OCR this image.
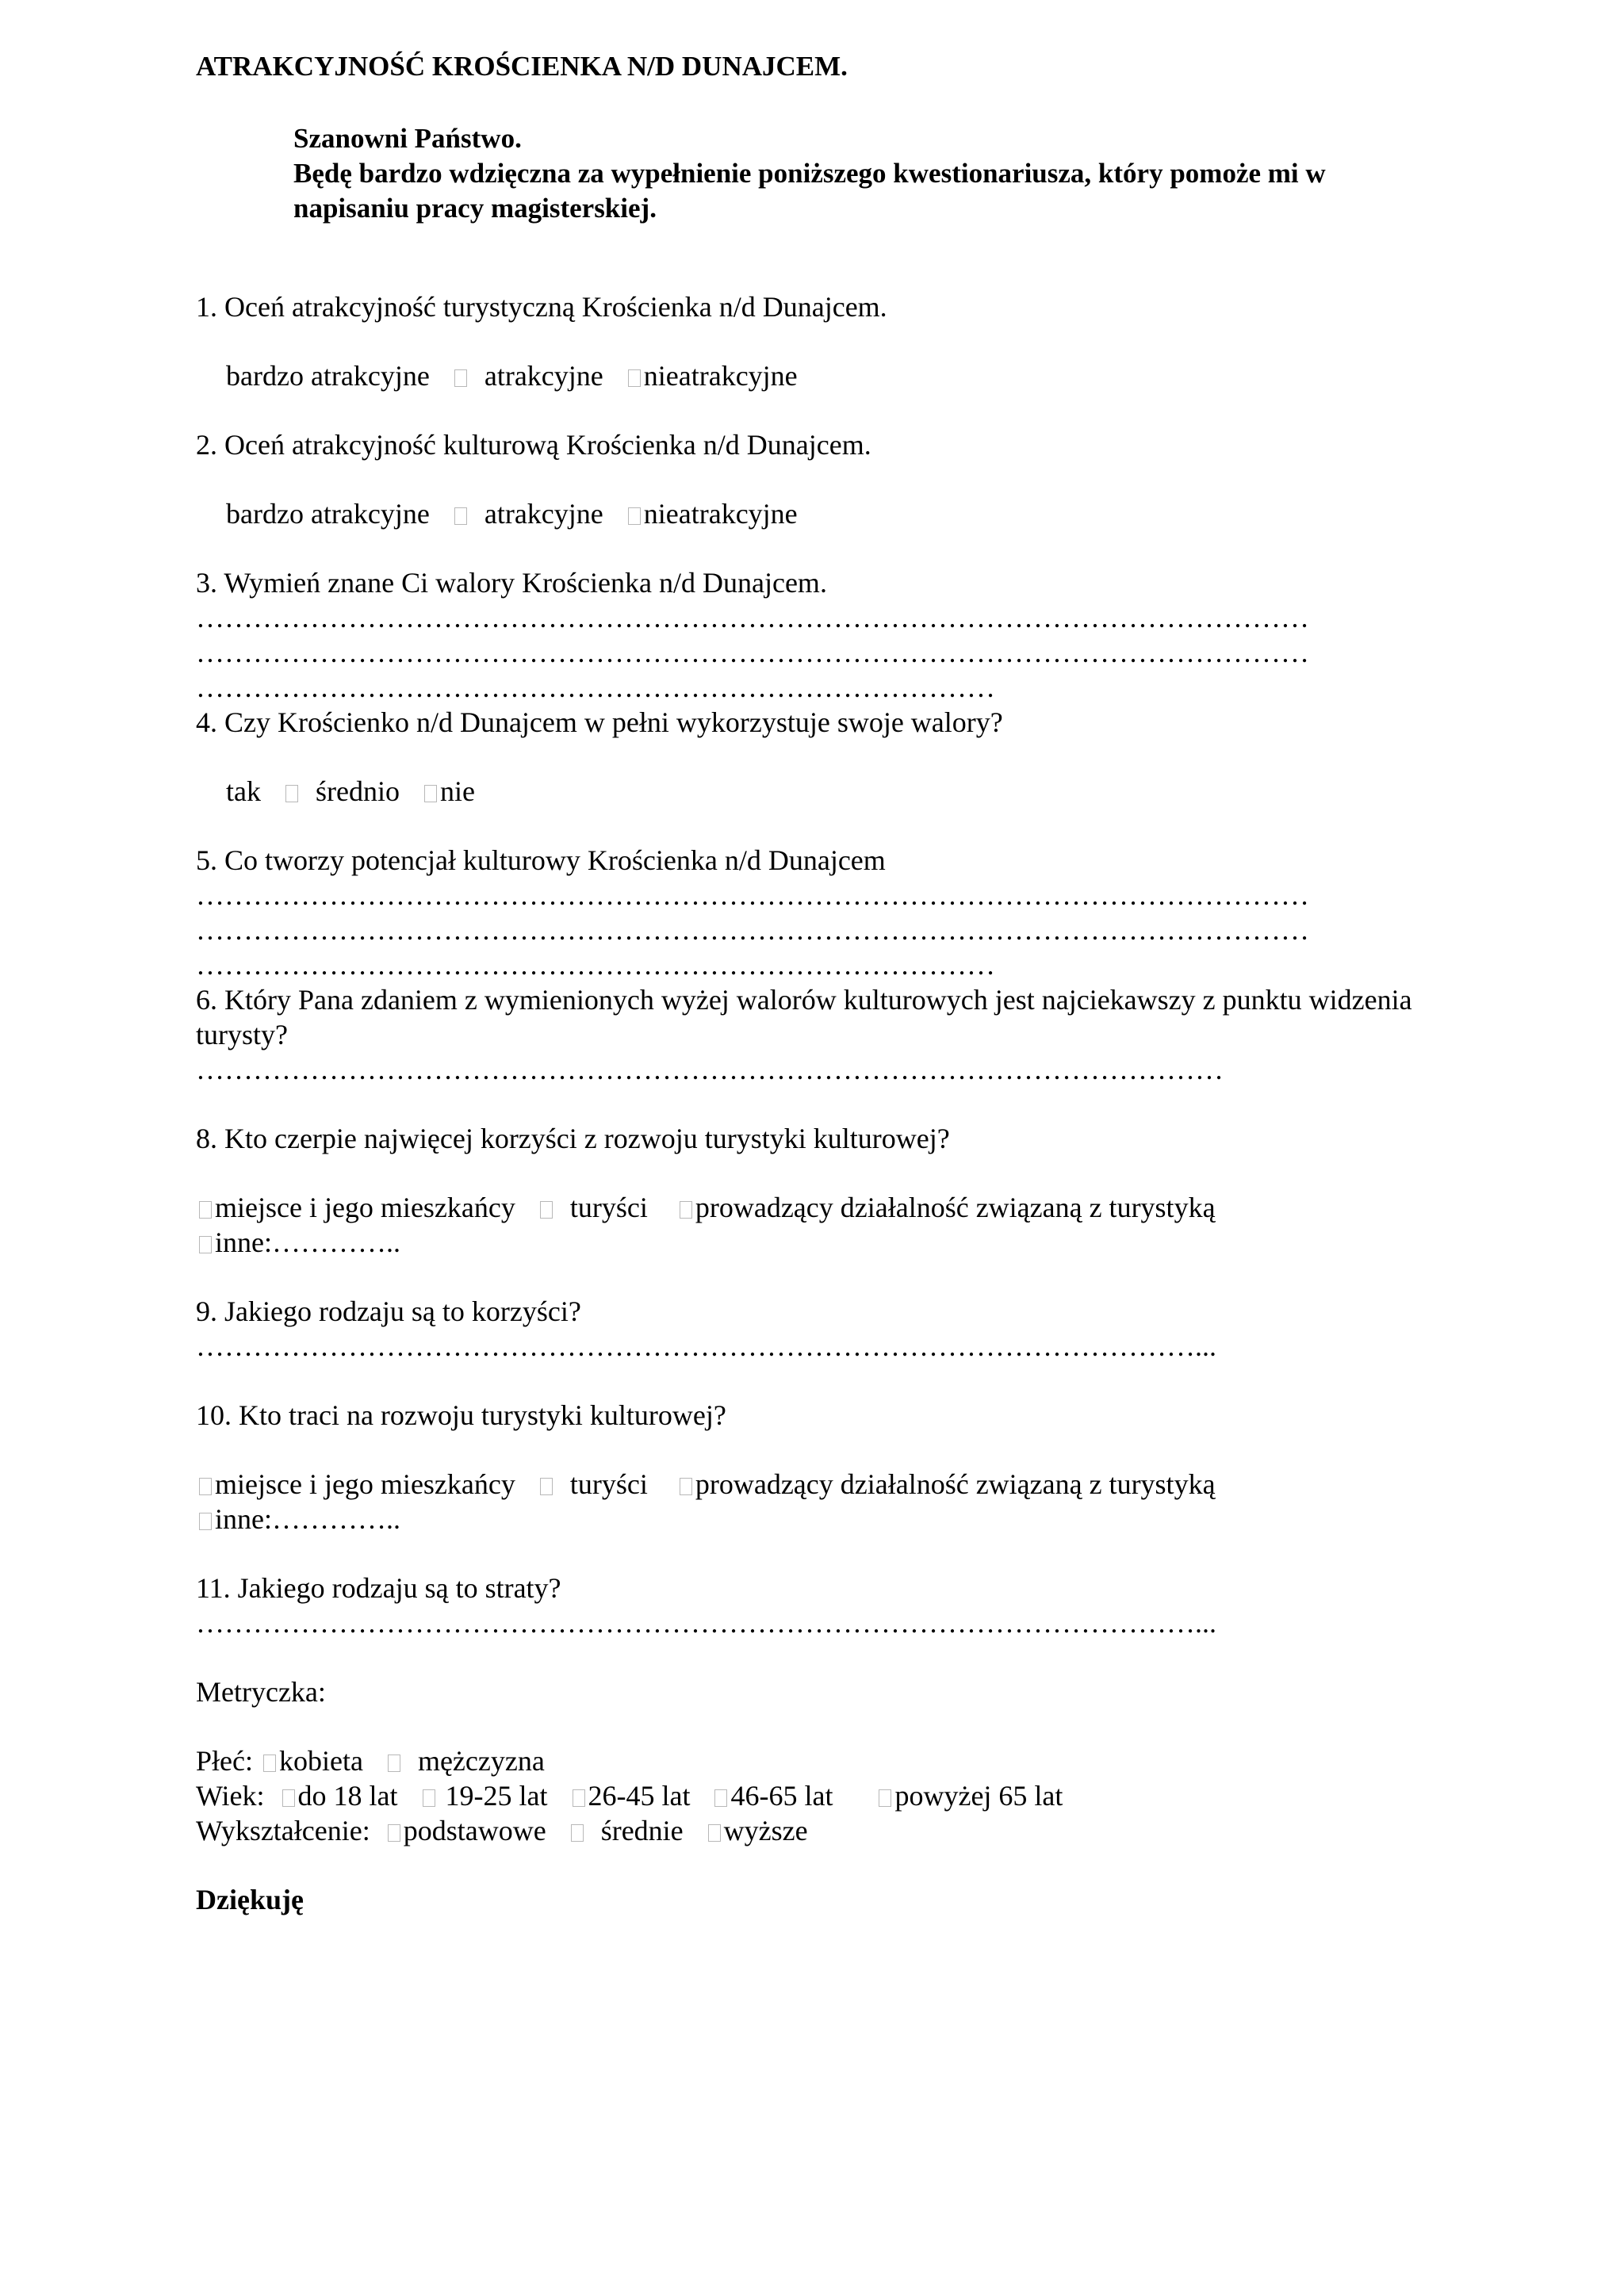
ATRAKCYJNOŚĆ KROŚCIENKA N/D DUNAJCEM.
Szanowni Państwo.
Będę bardzo wdzięczna za wypełnienie poniższego kwestionariusza, który pomoże mi w
napisaniu pracy magisterskiej.
1. Oceń atrakcyjność turystyczną Krościenka n/d Dunajcem.
bardzo atrakcyjne atrakcyjne nieatrakcyjne
2. Oceń atrakcyjność kulturową Krościenka n/d Dunajcem.
bardzo atrakcyjne atrakcyjne nieatrakcyjne
3. Wymień znane Ci walory Krościenka n/d Dunajcem.
………………………………………………………………………………………………………
………………………………………………………………………………………………………
…………………………………………………………………………
4. Czy Krościenko n/d Dunajcem w pełni wykorzystuje swoje walory?
tak średnio nie
5. Co tworzy potencjał kulturowy Krościenka n/d Dunajcem
………………………………………………………………………………………………………
………………………………………………………………………………………………………
…………………………………………………………………………
6. Który Pana zdaniem z wymienionych wyżej walorów kulturowych jest najciekawszy z punktu widzenia turysty?
………………………………………………………………………………………………
8. Kto czerpie najwięcej korzyści z rozwoju turystyki kulturowej?
miejsce i jego mieszkańcy turyści prowadzący działalność związaną z turystyką
inne:…………..
9. Jakiego rodzaju są to korzyści?
……………………………………………………………………………………………...
10. Kto traci na rozwoju turystyki kulturowej?
miejsce i jego mieszkańcy turyści prowadzący działalność związaną z turystyką
inne:…………..
11. Jakiego rodzaju są to straty?
……………………………………………………………………………………………...
Metryczka:
Płeć: kobieta mężczyzna
Wiek: do 18 lat 19-25 lat 26-45 lat 46-65 lat powyżej 65 lat
Wykształcenie: podstawowe średnie wyższe
Dziękuję
